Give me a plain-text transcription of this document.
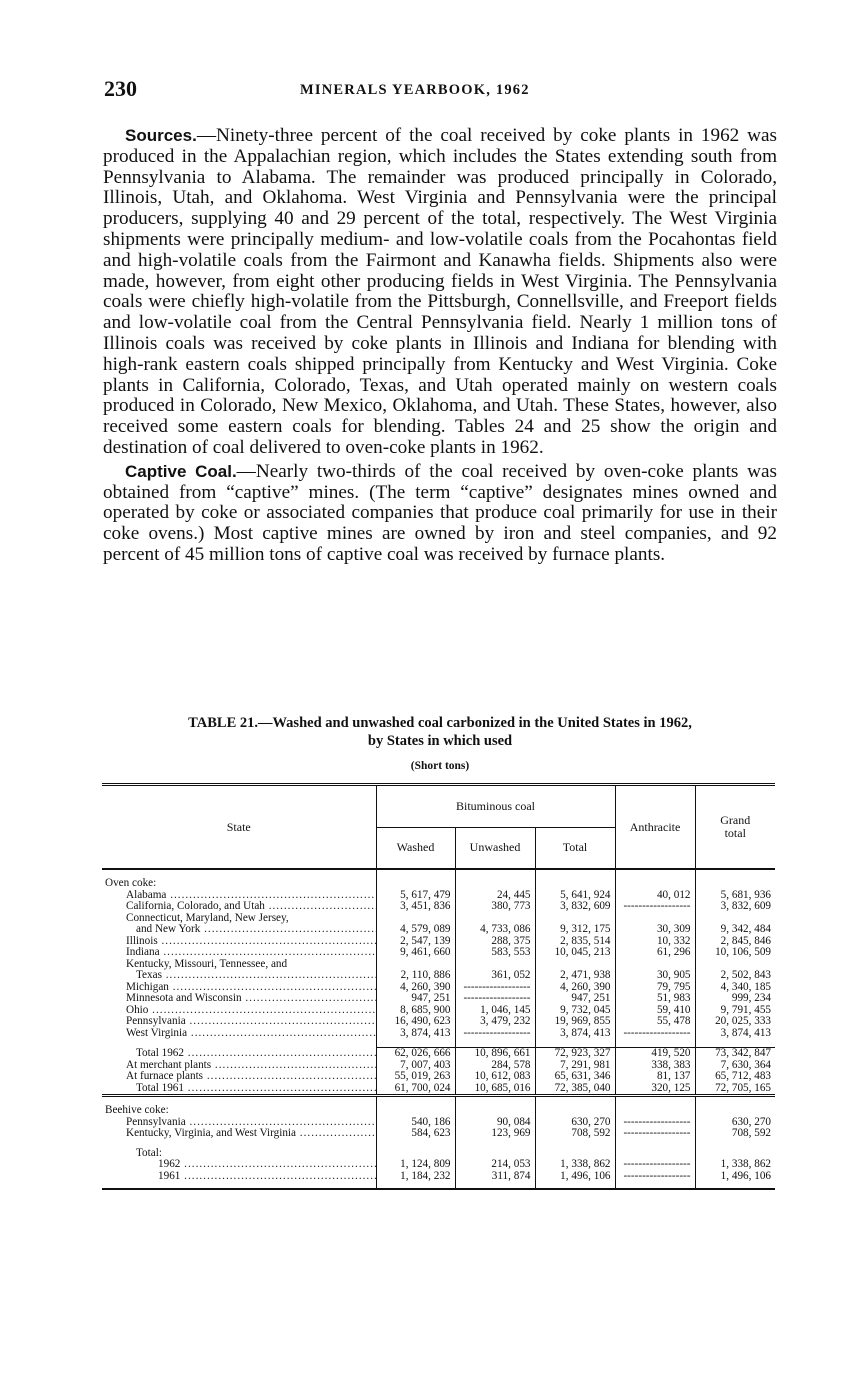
230	MINERALS YEARBOOK, 1962

Sources.—Ninety-three percent of the coal received by coke plants in 1962 was produced in the Appalachian region, which includes the States extending south from Pennsylvania to Alabama. The remainder was produced principally in Colorado, Illinois, Utah, and Oklahoma. West Virginia and Pennsylvania were the principal producers, supplying 40 and 29 percent of the total, respectively. The West Virginia shipments were principally medium- and low-volatile coals from the Pocahontas field and high-volatile coals from the Fairmont and Kanawha fields. Shipments also were made, however, from eight other producing fields in West Virginia. The Pennsylvania coals were chiefly high-volatile from the Pittsburgh, Connellsville, and Freeport fields and low-volatile coal from the Central Pennsylvania field. Nearly 1 million tons of Illinois coals was received by coke plants in Illinois and Indiana for blending with high-rank eastern coals shipped principally from Kentucky and West Virginia. Coke plants in California, Colorado, Texas, and Utah operated mainly on western coals produced in Colorado, New Mexico, Oklahoma, and Utah. These States, however, also received some eastern coals for blending. Tables 24 and 25 show the origin and destination of coal delivered to oven-coke plants in 1962.

Captive Coal.—Nearly two-thirds of the coal received by oven-coke plants was obtained from “captive” mines. (The term “captive” designates mines owned and operated by coke or associated companies that produce coal primarily for use in their coke ovens.) Most captive mines are owned by iron and steel companies, and 92 percent of 45 million tons of captive coal was received by furnace plants.

TABLE 21.—Washed and unwashed coal carbonized in the United States in 1962,
by States in which used
(Short tons)
State	Bituminous coal			Anthracite	Grand total
	Washed	Unwashed	Total		

Oven coke:					
Alabama .....	5, 617, 479	24, 445	5, 641, 924	40, 012	5, 681, 936
California, Colorado, and Utah .....	3, 451, 836	380, 773	3, 832, 609	-----	3, 832, 609
Connecticut, Maryland, New Jersey,					
and New York .....	4, 579, 089	4, 733, 086	9, 312, 175	30, 309	9, 342, 484
Illinois .....	2, 547, 139	288, 375	2, 835, 514	10, 332	2, 845, 846
Indiana .....	9, 461, 660	583, 553	10, 045, 213	61, 296	10, 106, 509
Kentucky, Missouri, Tennessee, and					
Texas .....	2, 110, 886	361, 052	2, 471, 938	30, 905	2, 502, 843
Michigan .....	4, 260, 390	-----	4, 260, 390	79, 795	4, 340, 185
Minnesota and Wisconsin .....	947, 251	-----	947, 251	51, 983	999, 234
Ohio .....	8, 685, 900	1, 046, 145	9, 732, 045	59, 410	9, 791, 455
Pennsylvania .....	16, 490, 623	3, 479, 232	19, 969, 855	55, 478	20, 025, 333
West Virginia .....	3, 874, 413	-----	3, 874, 413	-----	3, 874, 413

Total 1962 .....	62, 026, 666	10, 896, 661	72, 923, 327	419, 520	73, 342, 847
At merchant plants .....	7, 007, 403	284, 578	7, 291, 981	338, 383	7, 630, 364
At furnace plants .....	55, 019, 263	10, 612, 083	65, 631, 346	81, 137	65, 712, 483
Total 1961 .....	61, 700, 024	10, 685, 016	72, 385, 040	320, 125	72, 705, 165

Beehive coke:					
Pennsylvania .....	540, 186	90, 084	630, 270	-----	630, 270
Kentucky, Virginia, and West Virginia .....	584, 623	123, 969	708, 592	-----	708, 592

Total:					
1962 .....	1, 124, 809	214, 053	1, 338, 862	-----	1, 338, 862
1961 .....	1, 184, 232	311, 874	1, 496, 106	-----	1, 496, 106
